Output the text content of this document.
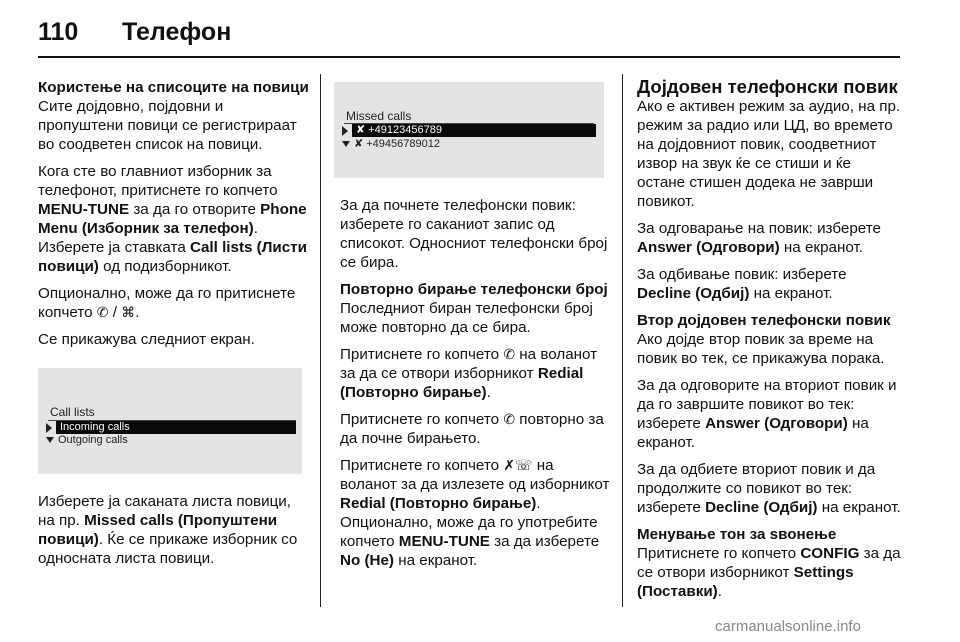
110 Телефон
Користење на списоците на повици

Сите дојдовно, појдовни и пропуштени повици се регистрираат во соодветен список на повици.

Кога сте во главниот изборник за телефонот, притиснете го копчето MENU-TUNE за да го отворите Phone Menu (Изборник за телефон). Изберете ја ставката Call lists (Листи повици) од подизборникот.

Опционално, може да го притиснете копчето ✆ / ⌘.

Се прикажува следниот екран.

Call lists
Incoming calls
Outgoing calls

Изберете ја саканата листа повици, на пр. Missed calls (Пропуштени повици). Ќе се прикаже изборник со односната листа повици.

Missed calls
✘ +49123456789
✘ +49456789012

За да почнете телефонски повик: изберете го саканиот запис од списокот. Односниот телефонски број се бира.

Повторно бирање телефонски број

Последниот биран телефонски број може повторно да се бира.

Притиснете го копчето ✆ на воланот за да се отвори изборникот Redial (Повторно бирање).

Притиснете го копчето ✆ повторно за да почне бирањето.

Притиснете го копчето ✗☏ на воланот за да излезете од изборникот Redial (Повторно бирање). Опционално, може да го употребите копчето MENU-TUNE за да изберете No (Не) на екранот.

Дојдовен телефонски повик

Ако е активен режим за аудио, на пр. режим за радио или ЦД, во времето на дојдовниот повик, соодветниот извор на звук ќе се стиши и ќе остане стишен додека не заврши повикот.

За одговарање на повик: изберете Answer (Одговори) на екранот.

За одбивање повик: изберете Decline (Одбиј) на екранот.

Втор дојдовен телефонски повик

Ако дојде втор повик за време на повик во тек, се прикажува порака.

За да одговорите на вториот повик и да го завршите повикот во тек: изберете Answer (Одговори) на екранот.

За да одбиете вториот повик и да продолжите со повикот во тек: изберете Decline (Одбиј) на екранот.

Менување тон за ѕвонење

Притиснете го копчето CONFIG за да се отвори изборникот Settings (Поставки).

carmanualsonline.info
